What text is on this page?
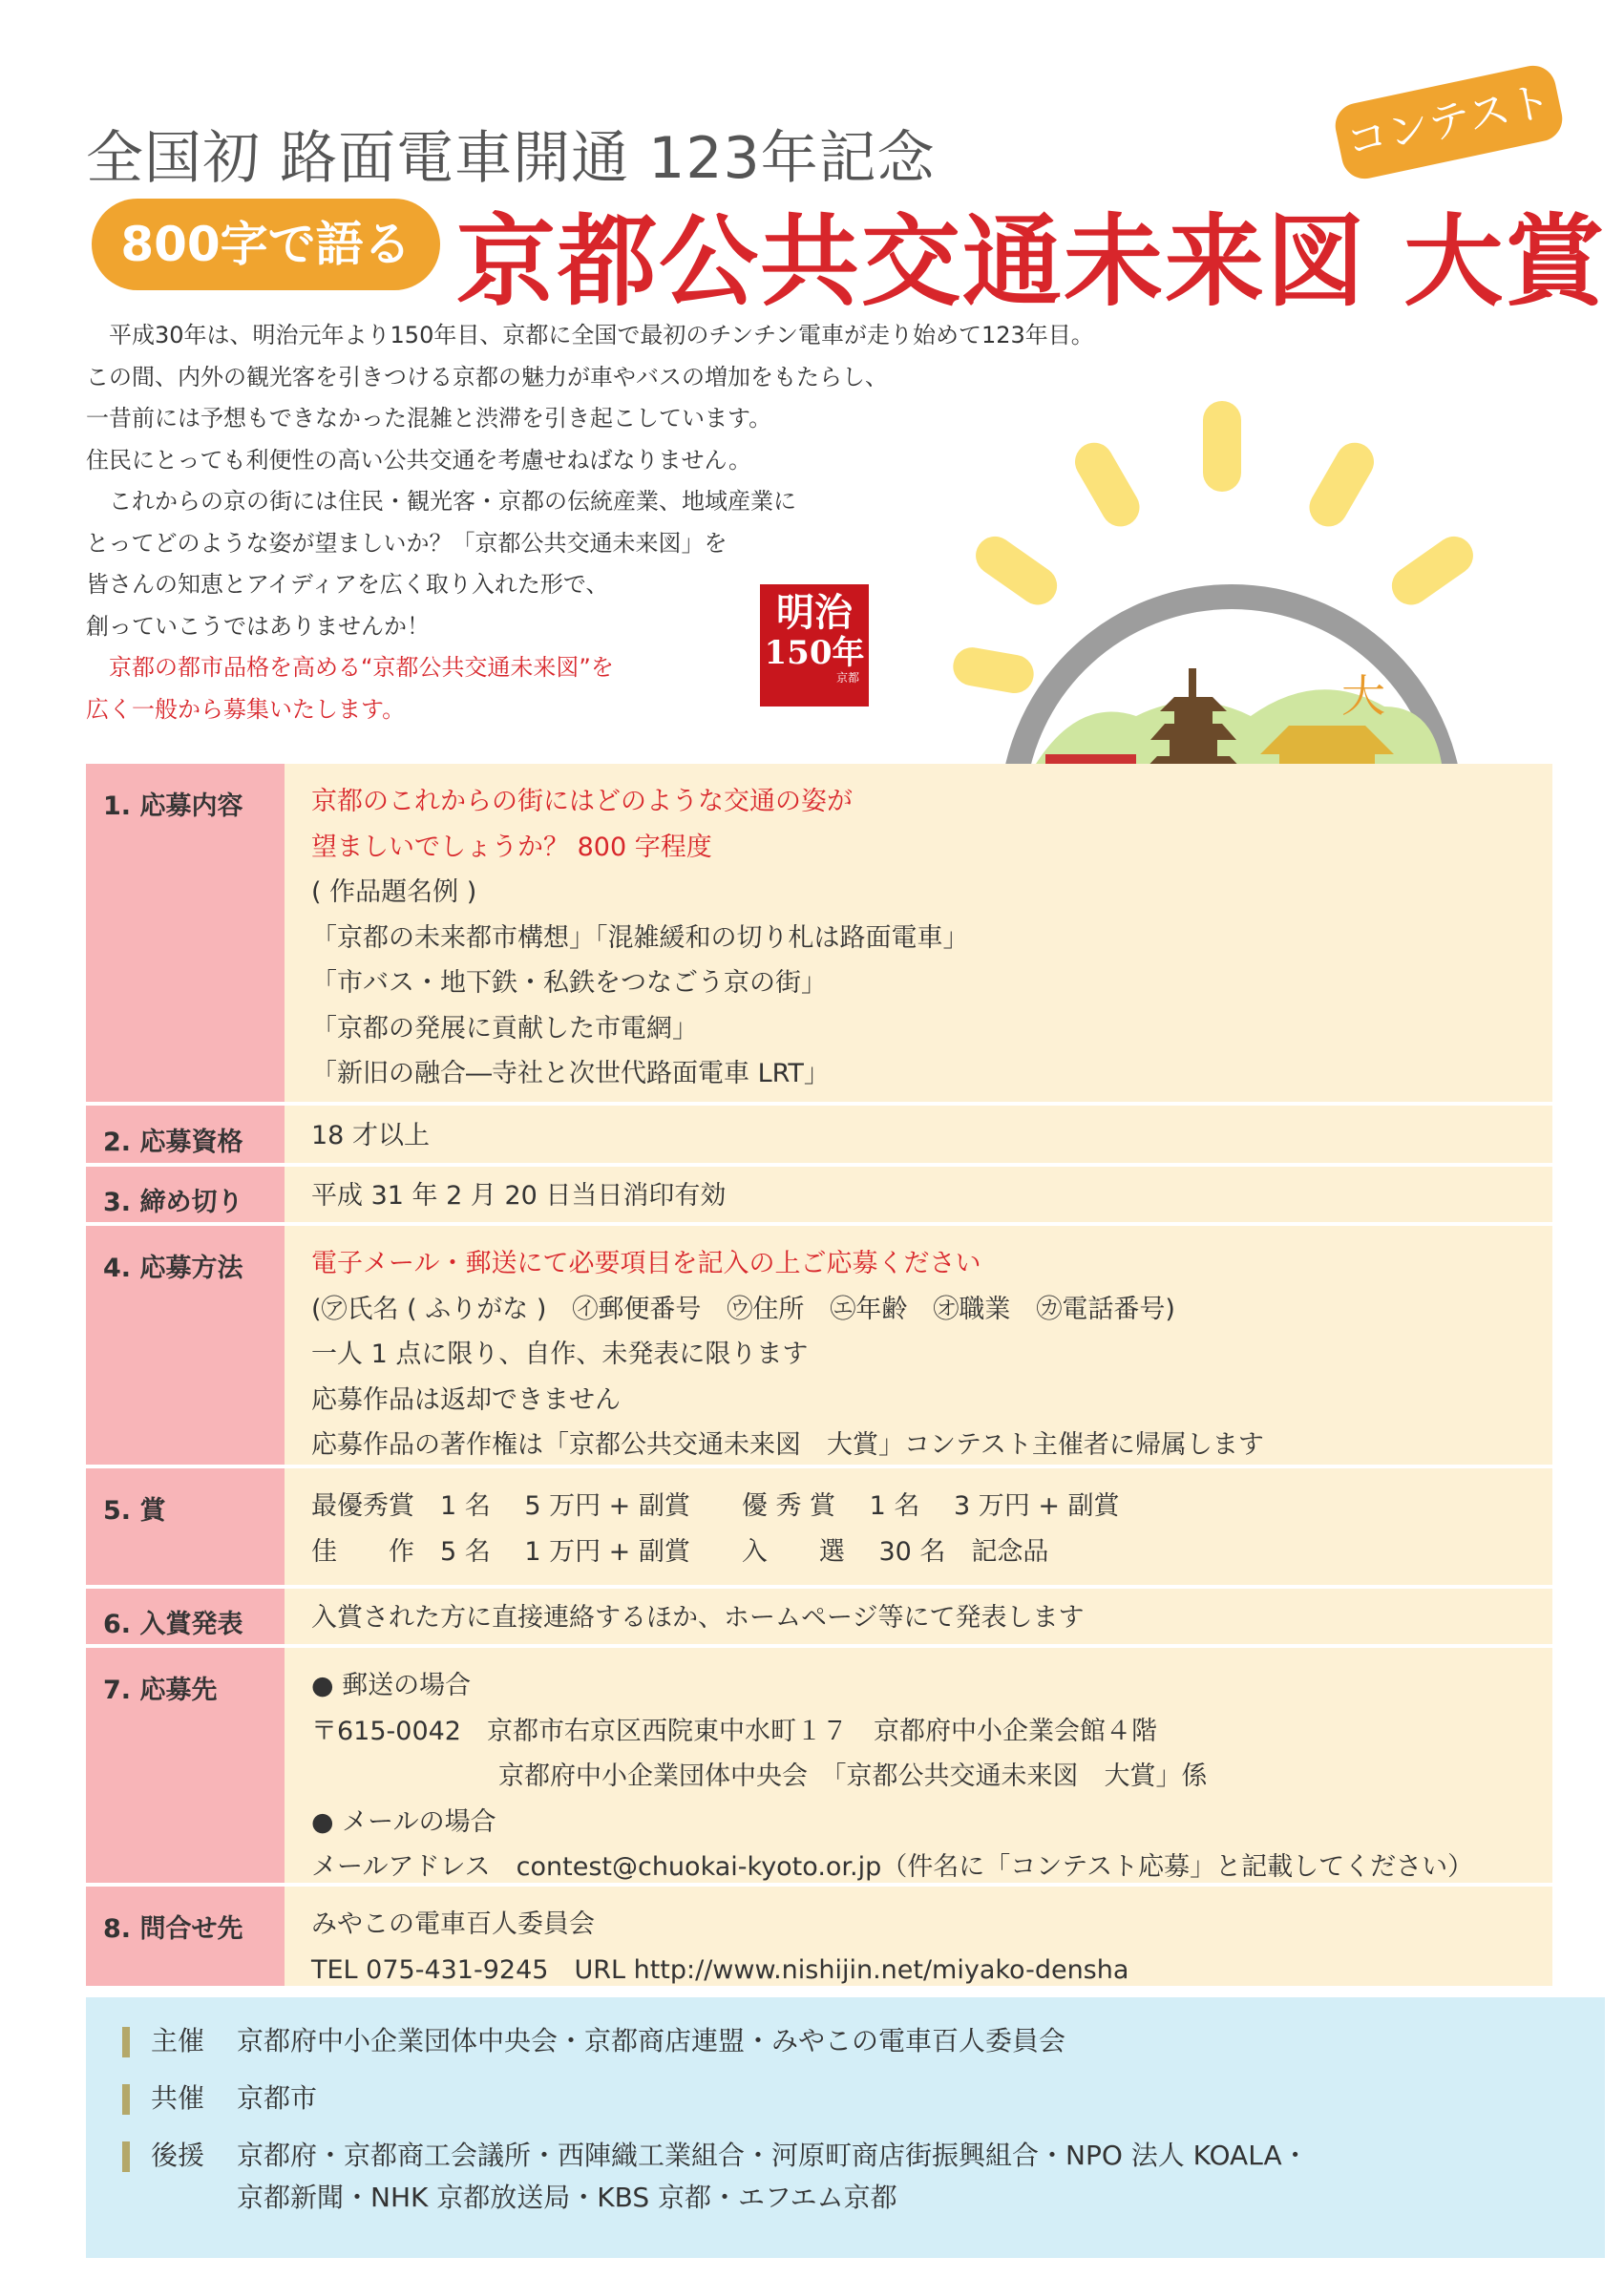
全国初 路面電車開通 123年記念	コンテスト
800字で語る 京都公共交通未来図 大賞

　平成30年は、明治元年より150年目、京都に全国で最初のチンチン電車が走り始めて123年目。

この間、内外の観光客を引きつける京都の魅力が車やバスの増加をもたらし、

一昔前には予想もできなかった混雑と渋滞を引き起こしています。

住民にとっても利便性の高い公共交通を考慮せねばなりません。

　これからの京の街には住民・観光客・京都の伝統産業、地域産業に

とってどのような姿が望ましいか？「京都公共交通未来図」を

皆さんの知恵とアイディアを広く取り入れた形で、

創っていこうではありませんか！

　京都の都市品格を高める“京都公共交通未来図”を

広く一般から募集いたします。

明治
150年
京都	大
1. 応募内容	京都のこれからの街にはどのような交通の姿が
望ましいでしょうか？ 800 字程度
( 作品題名例 )
「京都の未来都市構想」「混雑緩和の切り札は路面電車」
「市バス・地下鉄・私鉄をつなごう京の街」
「京都の発展に貢献した市電網」
「新旧の融合―寺社と次世代路面電車 LRT」
2. 応募資格	18 才以上
3. 締め切り	平成 31 年 2 月 20 日当日消印有効
4. 応募方法	電子メール・郵送にて必要項目を記入の上ご応募ください
(㋐氏名 ( ふりがな )　㋑郵便番号　㋒住所　㋓年齢　㋔職業　㋕電話番号)
一人 1 点に限り、自作、未発表に限ります
応募作品は返却できません
応募作品の著作権は「京都公共交通未来図　大賞」コンテスト主催者に帰属します
5. 賞	最優秀賞　1 名　 5 万円 + 副賞　　優 秀 賞　 1 名　 3 万円 + 副賞
佳　　作　5 名　 1 万円 + 副賞　　入　　選　 30 名　記念品
6. 入賞発表	入賞された方に直接連絡するほか、ホームページ等にて発表します
7. 応募先	● 郵送の場合
〒615-0042　京都市右京区西院東中水町１７　京都府中小企業会館４階
京都府中小企業団体中央会　「京都公共交通未来図　大賞」係
● メールの場合
メールアドレス　contest@chuokai-kyoto.or.jp（件名に「コンテスト応募」と記載してください）
8. 問合せ先	みやこの電車百人委員会
TEL 075-431-9245　URL http://www.nishijin.net/miyako-densha
主催 京都府中小企業団体中央会・京都商店連盟・みやこの電車百人委員会
共催 京都市
後援 京都府・京都商工会議所・西陣織工業組合・河原町商店街振興組合・NPO 法人 KOALA・
京都新聞・NHK 京都放送局・KBS 京都・エフエム京都
